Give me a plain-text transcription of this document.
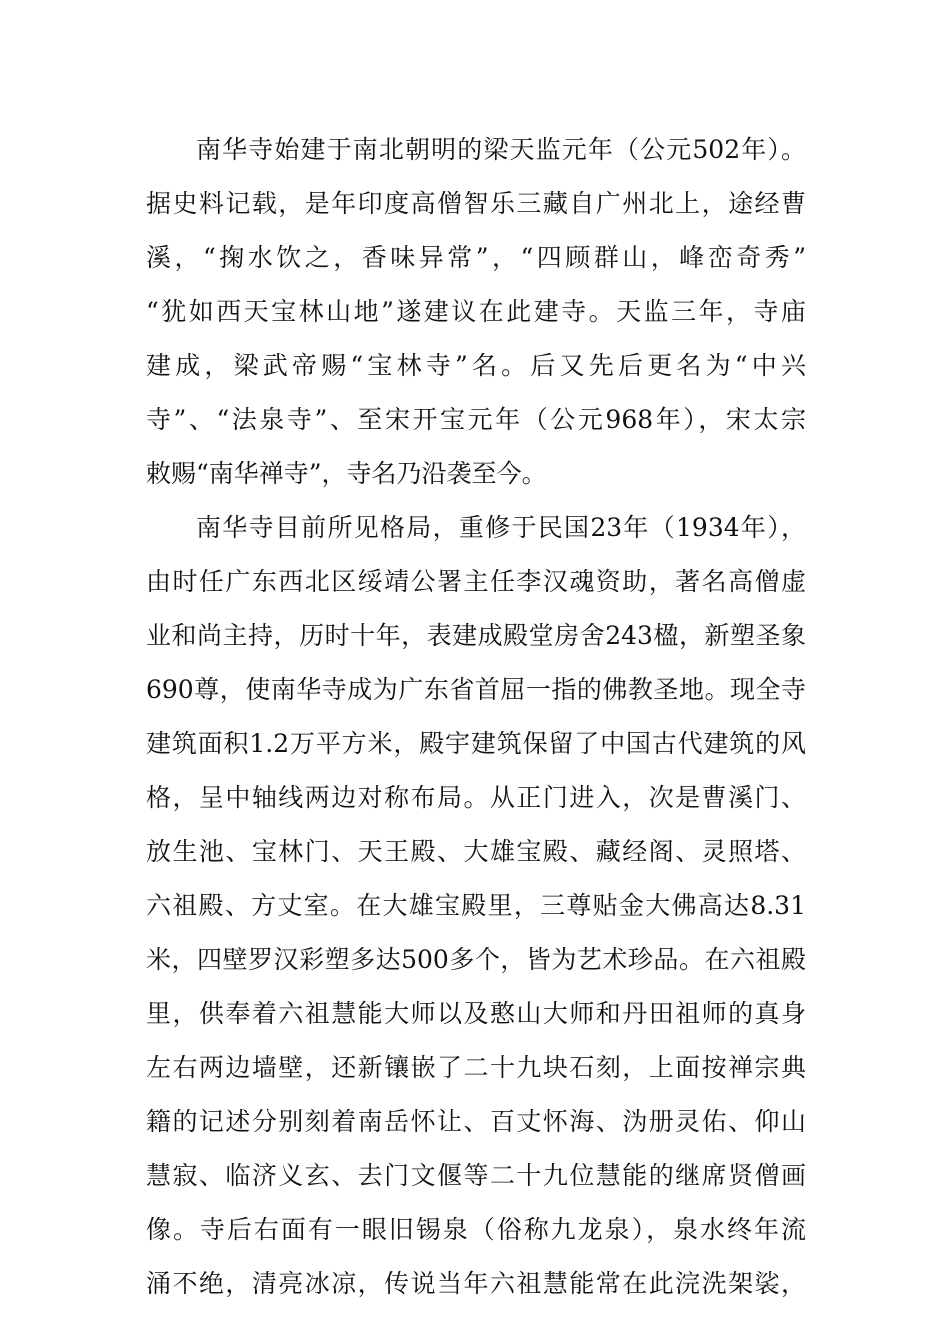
南华寺始建于南北朝明的梁天监元年（公元502年）。
据史料记载，是年印度高僧智乐三藏自广州北上，途经曹
溪，“掬水饮之，香味异常”，“四顾群山，峰峦奇秀”
“犹如西天宝林山地”遂建议在此建寺。天监三年，寺庙
建成，梁武帝赐“宝林寺”名。后又先后更名为“中兴
寺”、“法泉寺”、至宋开宝元年（公元968年），宋太宗
敕赐“南华禅寺”，寺名乃沿袭至今。
南华寺目前所见格局，重修于民国23年（1934年），
由时任广东西北区绥靖公署主任李汉魂资助，著名高僧虚
业和尚主持，历时十年，表建成殿堂房舍243楹，新塑圣象
690尊，使南华寺成为广东省首屈一指的佛教圣地。现全寺
建筑面积1.2万平方米，殿宇建筑保留了中国古代建筑的风
格，呈中轴线两边对称布局。从正门进入，次是曹溪门、
放生池、宝林门、天王殿、大雄宝殿、藏经阁、灵照塔、
六祖殿、方丈室。在大雄宝殿里，三尊贴金大佛高达8.31
米，四壁罗汉彩塑多达500多个，皆为艺术珍品。在六祖殿
里，供奉着六祖慧能大师以及憨山大师和丹田祖师的真身
左右两边墙壁，还新镶嵌了二十九块石刻，上面按禅宗典
籍的记述分别刻着南岳怀让、百丈怀海、沩册灵佑、仰山
慧寂、临济义玄、去门文偃等二十九位慧能的继席贤僧画
像。寺后右面有一眼旧锡泉（俗称九龙泉），泉水终年流
涌不绝，清亮冰凉，传说当年六祖慧能常在此浣洗架裟，
